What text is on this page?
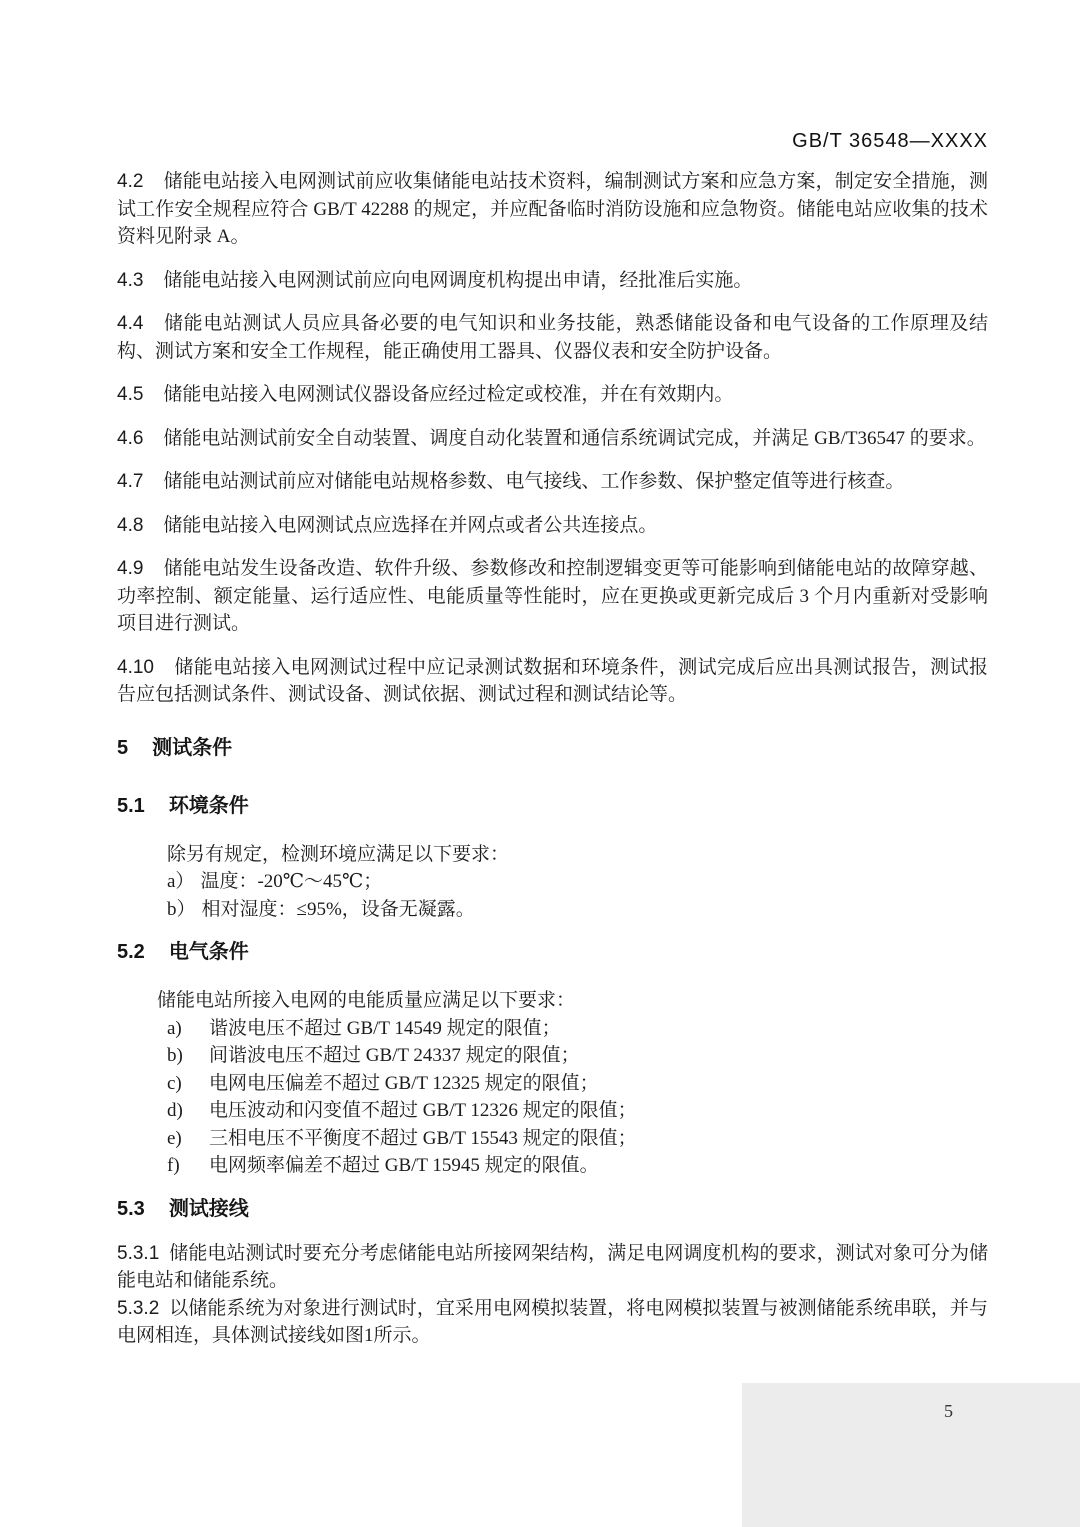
GB/T 36548—XXXX

4.2 储能电站接入电网测试前应收集储能电站技术资料，编制测试方案和应急方案，制定安全措施，测试工作安全规程应符合 GB/T 42288 的规定，并应配备临时消防设施和应急物资。储能电站应收集的技术资料见附录 A。

4.3 储能电站接入电网测试前应向电网调度机构提出申请，经批准后实施。

4.4 储能电站测试人员应具备必要的电气知识和业务技能，熟悉储能设备和电气设备的工作原理及结构、测试方案和安全工作规程，能正确使用工器具、仪器仪表和安全防护设备。

4.5 储能电站接入电网测试仪器设备应经过检定或校准，并在有效期内。

4.6 储能电站测试前安全自动装置、调度自动化装置和通信系统调试完成，并满足 GB/T36547 的要求。

4.7 储能电站测试前应对储能电站规格参数、电气接线、工作参数、保护整定值等进行核查。

4.8 储能电站接入电网测试点应选择在并网点或者公共连接点。

4.9 储能电站发生设备改造、软件升级、参数修改和控制逻辑变更等可能影响到储能电站的故障穿越、功率控制、额定能量、运行适应性、电能质量等性能时，应在更换或更新完成后 3 个月内重新对受影响项目进行测试。

4.10 储能电站接入电网测试过程中应记录测试数据和环境条件，测试完成后应出具测试报告，测试报告应包括测试条件、测试设备、测试依据、测试过程和测试结论等。

5 测试条件
5.1 环境条件

除另有规定，检测环境应满足以下要求：

a） 温度：-20℃～45℃；

b） 相对湿度：≤95%，设备无凝露。

5.2 电气条件

储能电站所接入电网的电能质量应满足以下要求：

a) 谐波电压不超过 GB/T 14549 规定的限值；

b) 间谐波电压不超过 GB/T 24337 规定的限值；

c) 电网电压偏差不超过 GB/T 12325 规定的限值；

d) 电压波动和闪变值不超过 GB/T 12326 规定的限值；

e) 三相电压不平衡度不超过 GB/T 15543 规定的限值；

f) 电网频率偏差不超过 GB/T 15945 规定的限值。

5.3 测试接线

5.3.1 储能电站测试时要充分考虑储能电站所接网架结构，满足电网调度机构的要求，测试对象可分为储能电站和储能系统。

5.3.2 以储能系统为对象进行测试时，宜采用电网模拟装置，将电网模拟装置与被测储能系统串联，并与电网相连，具体测试接线如图1所示。

5
